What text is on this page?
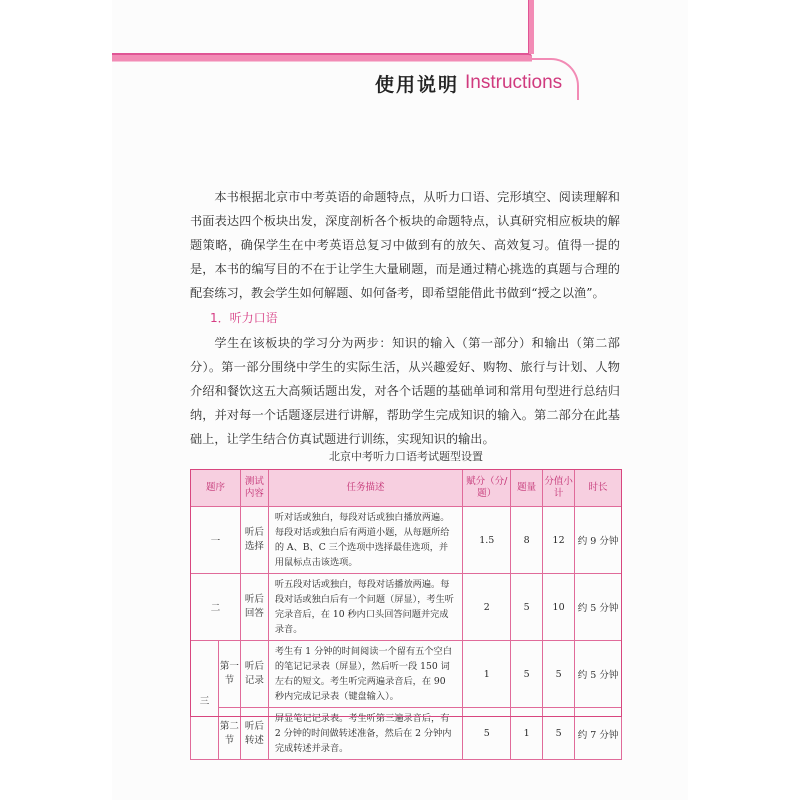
使用说明 Instructions

本书根据北京市中考英语的命题特点，从听力口语、完形填空、阅读理解和书面表达四个板块出发，深度剖析各个板块的命题特点，认真研究相应板块的解题策略，确保学生在中考英语总复习中做到有的放矢、高效复习。值得一提的是，本书的编写目的不在于让学生大量刷题，而是通过精心挑选的真题与合理的配套练习，教会学生如何解题、如何备考，即希望能借此书做到“授之以渔”。

1．听力口语

学生在该板块的学习分为两步：知识的输入（第一部分）和输出（第二部分）。第一部分围绕中学生的实际生活，从兴趣爱好、购物、旅行与计划、人物介绍和餐饮这五大高频话题出发，对各个话题的基础单词和常用句型进行总结归纳，并对每一个话题逐层进行讲解，帮助学生完成知识的输入。第二部分在此基础上，让学生结合仿真试题进行训练，实现知识的输出。

北京中考听力口语考试题型设置
题序		测试内容	任务描述	赋分（分/题）	题量	分值小计	时长
一		听后选择	听对话或独白，每段对话或独白播放两遍。每段对话或独白后有两道小题，从每题所给的 A、B、C 三个选项中选择最佳选项，并用鼠标点击该选项。	1.5	8	12	约 9 分钟
二		听后回答	听五段对话或独白，每段对话播放两遍。每段对话或独白后有一个问题（屏显），考生听完录音后，在 10 秒内口头回答问题并完成录音。	2	5	10	约 5 分钟
三	第一节	听后记录	考生有 1 分钟的时间阅读一个留有五个空白的笔记记录表（屏显），然后听一段 150 词左右的短文。考生听完两遍录音后，在 90 秒内完成记录表（键盘输入）。	1	5	5	约 5 分钟
	第二节	听后转述	屏显笔记记录表。考生听第三遍录音后，有 2 分钟的时间做转述准备，然后在 2 分钟内完成转述并录音。	5	1	5	约 7 分钟
